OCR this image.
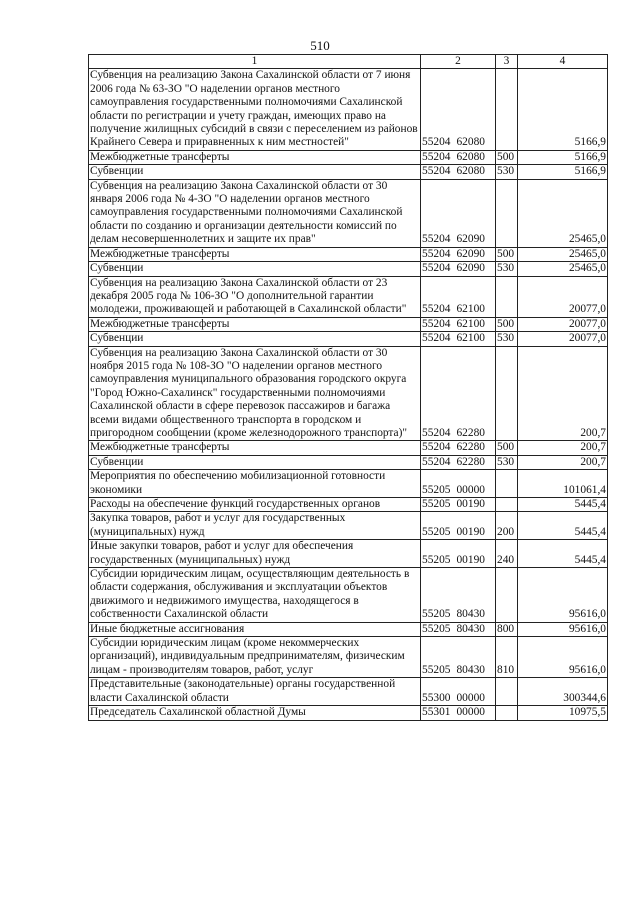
510
1	2	3	4
Субвенция на реализацию Закона Сахалинской области от 7 июня 2006 года № 63-ЗО "О наделении органов местного самоуправления государственными полномочиями Сахалинской области по регистрации и учету граждан, имеющих право на получение жилищных субсидий в связи с переселением из районов Крайнего Севера и приравненных к ним местностей"	55204 62080		5166,9
Межбюджетные трансферты	55204 62080	500	5166,9
Субвенции	55204 62080	530	5166,9
Субвенция на реализацию Закона Сахалинской области от 30 января 2006 года № 4-ЗО "О наделении органов местного самоуправления государственными полномочиями Сахалинской области по созданию и организации деятельности комиссий по делам несовершеннолетних и защите их прав"	55204 62090		25465,0
Межбюджетные трансферты	55204 62090	500	25465,0
Субвенции	55204 62090	530	25465,0
Субвенция на реализацию Закона Сахалинской области от 23 декабря 2005 года № 106-ЗО "О дополнительной гарантии молодежи, проживающей и работающей в Сахалинской области"	55204 62100		20077,0
Межбюджетные трансферты	55204 62100	500	20077,0
Субвенции	55204 62100	530	20077,0
Субвенция на реализацию Закона Сахалинской области от 30 ноября 2015 года № 108-ЗО "О наделении органов местного самоуправления муниципального образования городского округа "Город Южно-Сахалинск" государственными полномочиями Сахалинской области в сфере перевозок пассажиров и багажа всеми видами общественного транспорта в городском и пригородном сообщении (кроме железнодорожного транспорта)"	55204 62280		200,7
Межбюджетные трансферты	55204 62280	500	200,7
Субвенции	55204 62280	530	200,7
Мероприятия по обеспечению мобилизационной готовности экономики	55205 00000		101061,4
Расходы на обеспечение функций государственных органов	55205 00190		5445,4
Закупка товаров, работ и услуг для государственных (муниципальных) нужд	55205 00190	200	5445,4
Иные закупки товаров, работ и услуг для обеспечения государственных (муниципальных) нужд	55205 00190	240	5445,4
Субсидии юридическим лицам, осуществляющим деятельность в области содержания, обслуживания и эксплуатации объектов движимого и недвижимого имущества, находящегося в собственности Сахалинской области	55205 80430		95616,0
Иные бюджетные ассигнования	55205 80430	800	95616,0
Субсидии юридическим лицам (кроме некоммерческих организаций), индивидуальным предпринимателям, физическим лицам - производителям товаров, работ, услуг	55205 80430	810	95616,0
Представительные (законодательные) органы государственной власти Сахалинской области	55300 00000		300344,6
Председатель Сахалинской областной Думы	55301 00000		10975,5
